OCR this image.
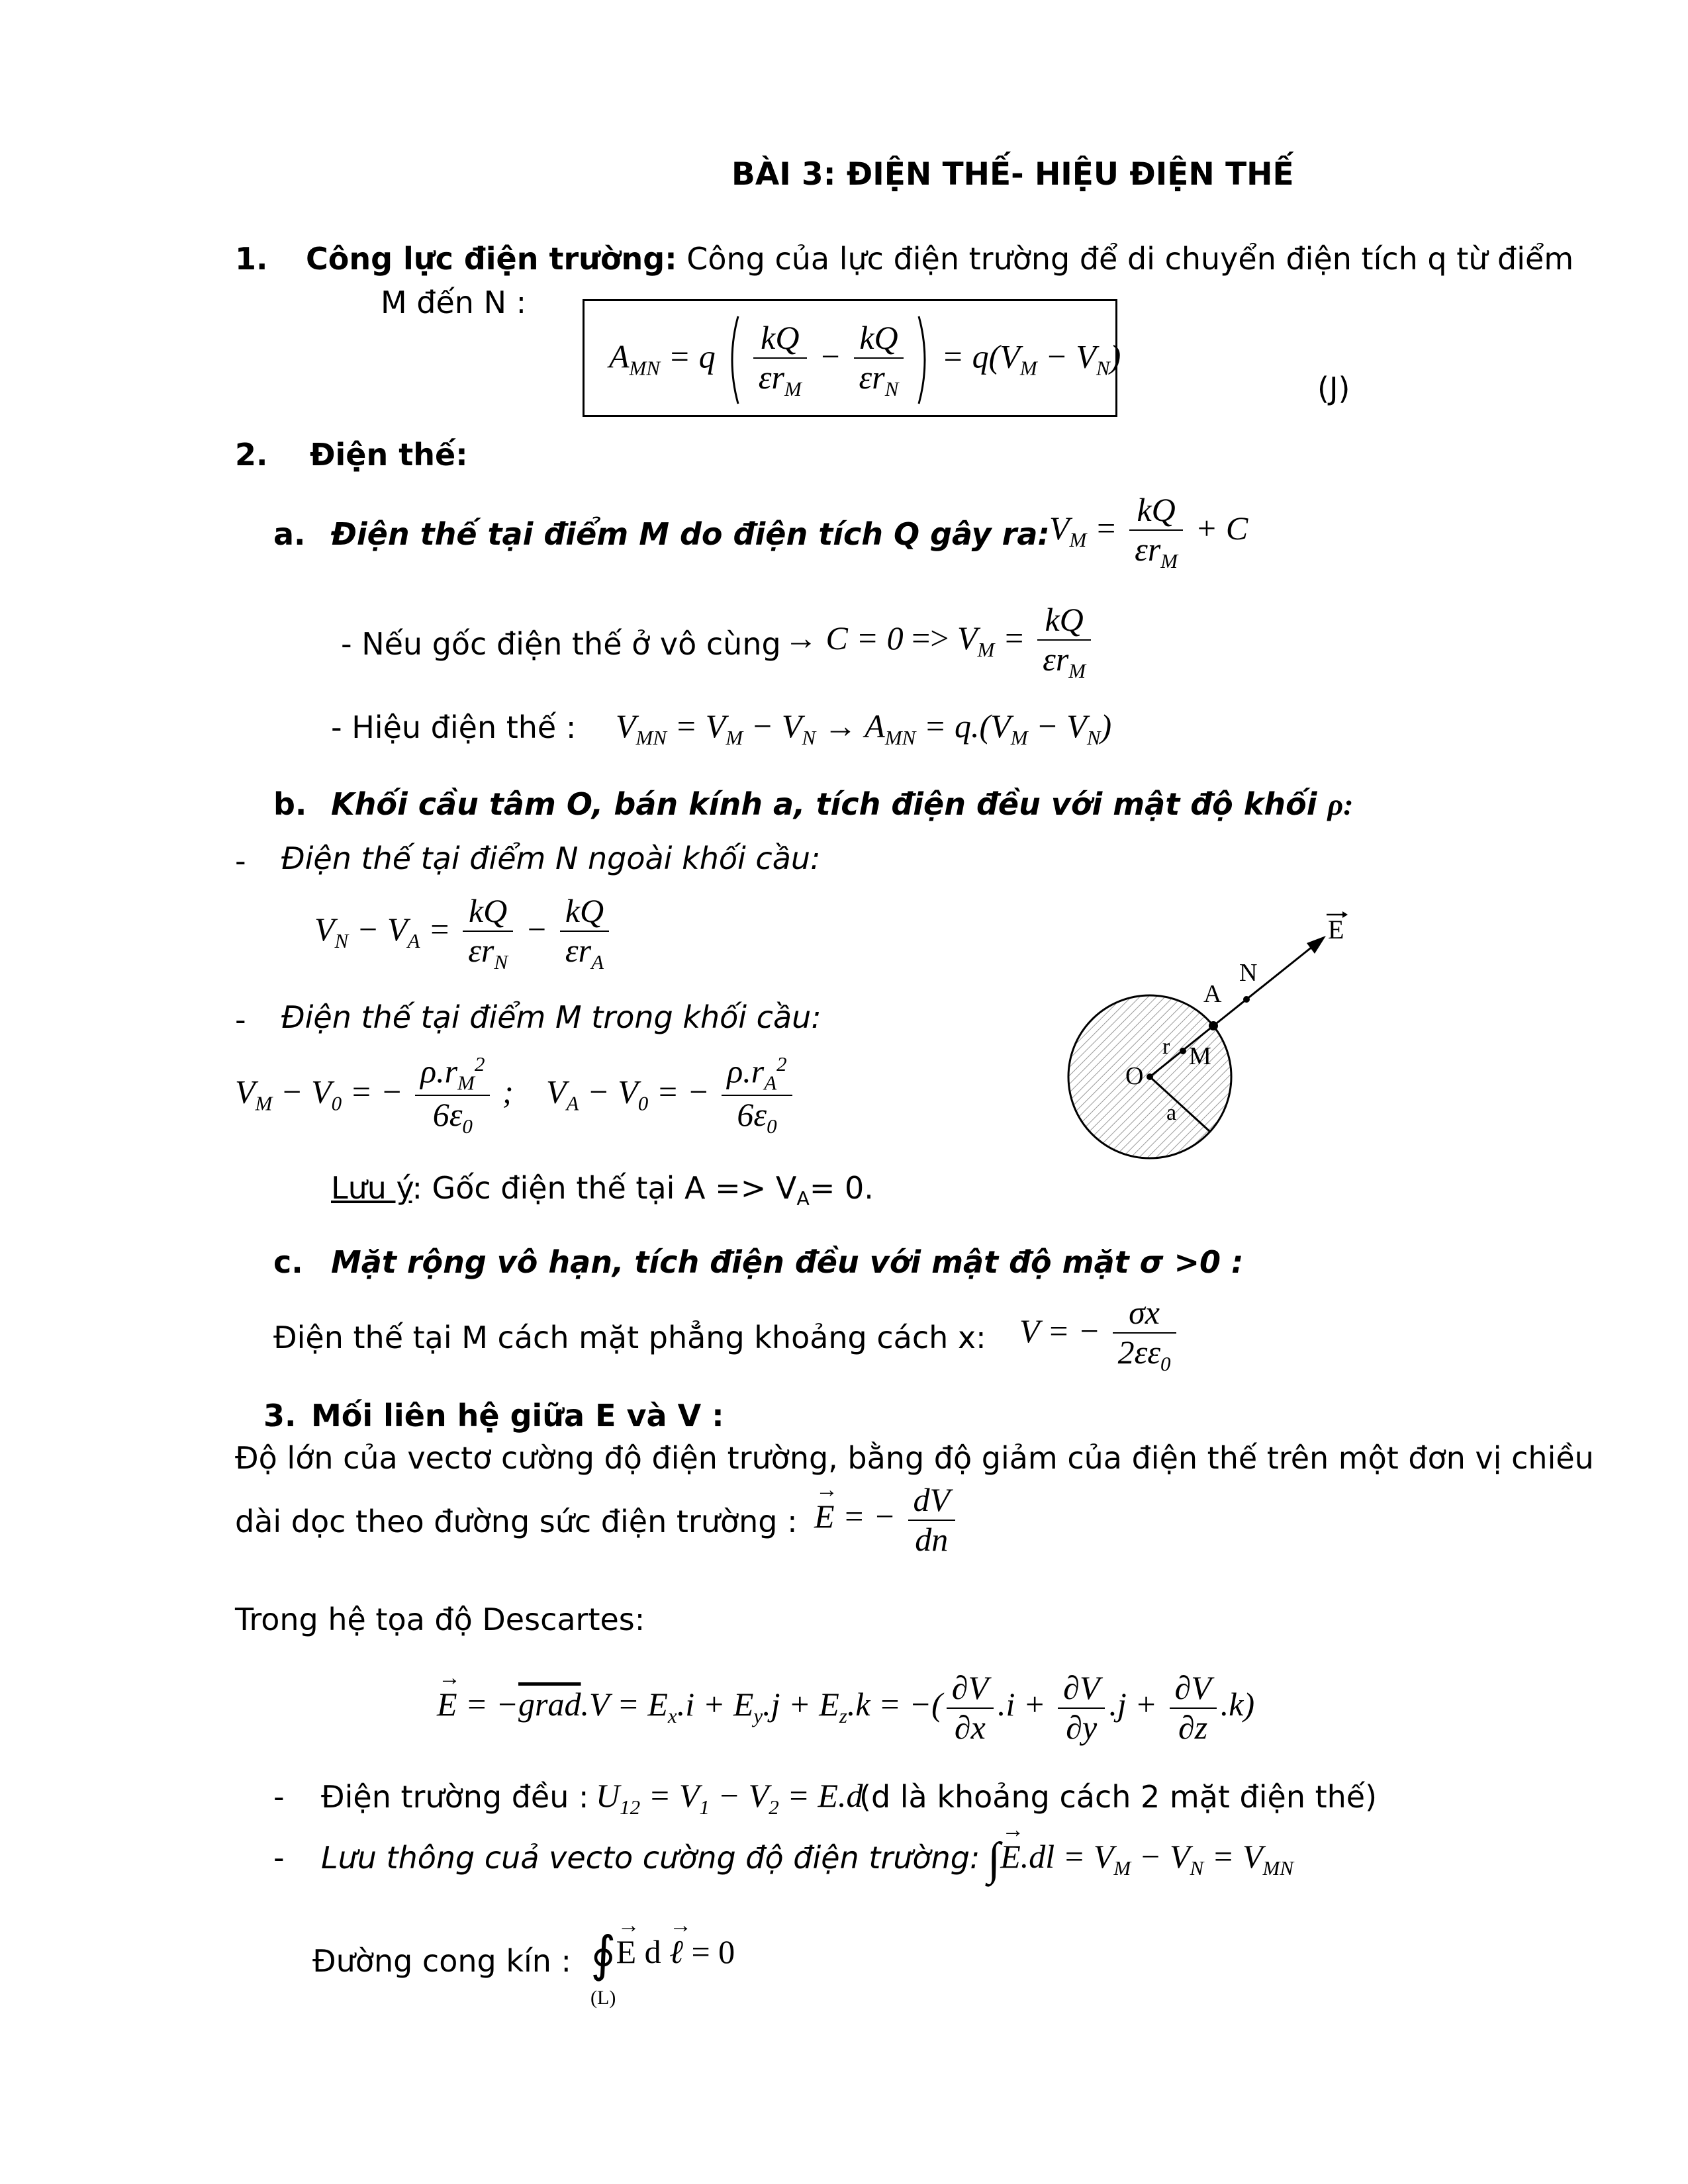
BÀI 3: ĐIỆN THẾ- HIỆU ĐIỆN THẾ
1. Công lực điện trường: Công của lực điện trường để di chuyển điện tích q từ điểm
M đến N :
$A_{MN} = q \frac{kQ}{\varepsilon r_M} - \frac{kQ}{\varepsilon r_N} = q(V_M - V_N)$
(J)
2. Điện thế:
a. Điện thế tại điểm M do điện tích Q gây ra: $V_M = \frac{kQ}{\varepsilon r_M} + C$
- Nếu gốc điện thế ở vô cùng → $C = 0 => V_M = \frac{kQ}{\varepsilon r_M}$
- Hiệu điện thế : $V_{MN} = V_M - V_N \to A_{MN} = q.(V_M - V_N)$
b. Khối cầu tâm O, bán kính a, tích điện đều với mật độ khối ρ:
- Điện thế tại điểm N ngoài khối cầu:
$V_N - V_A = \frac{kQ}{\varepsilon r_N} - \frac{kQ}{\varepsilon r_A}$
- Điện thế tại điểm M trong khối cầu:
$V_M - V_0$ = − $\frac{\rho.r_M^2}{6\varepsilon_0}$ ; $V_A - V_0$ = − $\frac{\rho.r_A^2}{6\varepsilon_0}$
E
N
A
M
r
O
a
Lưu ý: Gốc điện thế tại $A => V_A= 0$.
c. Mặt rộng vô hạn, tích điện đều với mật độ mặt σ >0 :
Điện thế tại M cách mặt phẳng khoảng cách x: V = − $\frac{\sigma x}{2\varepsilon\varepsilon_0}$
3. Mối liên hệ giữa E và V :
Độ lớn của vectơ cường độ điện trường, bằng độ giảm của điện thế trên một đơn vị chiều
dài dọc theo đường sức điện trường : E
→
= − $\frac{dV}{dn}$
Trong hệ tọa độ Descartes:
E
→
= −grad.V = $E_x.i + E_y.j + E_z.k$ = −( $\frac{\partial V}{\partial x} .i + \frac{\partial V}{\partial y} .j + \frac{\partial V}{\partial z} .k$)
- Điện trường đều : $U_{12} = V_1 - V_2 = E.d$
(d là khoảng cách 2 mặt điện thế)
- Lưu thông cuả vecto cường độ điện trường: ∫E
→
$.dl = V_M - V_N = V_{MN}$
Đường cong kín : ∮E
→
d ℓ
→
= 0
(L)
